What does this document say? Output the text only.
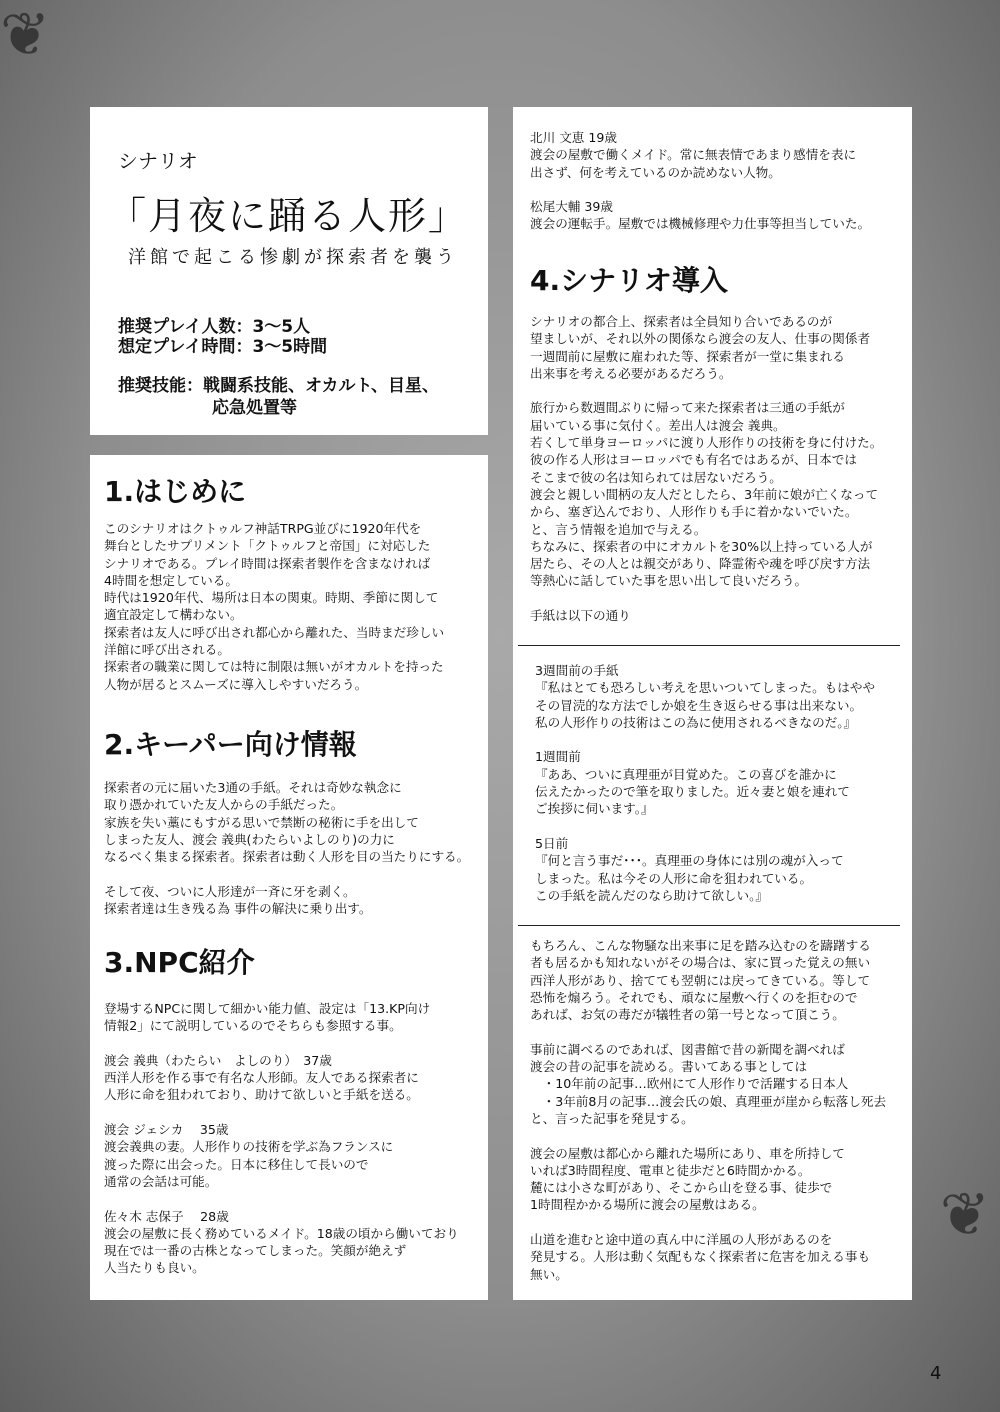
❦
❦
シナリオ
「月夜に踊る人形」
洋館で起こる惨劇が探索者を襲う
推奨プレイ人数：3〜5人
想定プレイ時間：3〜5時間
推奨技能：戦闘系技能、オカルト、目星、
応急処置等
1.はじめに

このシナリオはクトゥルフ神話TRPG並びに1920年代を
舞台としたサプリメント「クトゥルフと帝国」に対応した
シナリオである。プレイ時間は探索者製作を含まなければ
4時間を想定している。
時代は1920年代、場所は日本の関東。時期、季節に関して
適宜設定して構わない。
探索者は友人に呼び出され都心から離れた、当時まだ珍しい
洋館に呼び出される。
探索者の職業に関しては特に制限は無いがオカルトを持った
人物が居るとスムーズに導入しやすいだろう。

2.キーパー向け情報

探索者の元に届いた3通の手紙。それは奇妙な執念に
取り憑かれていた友人からの手紙だった。
家族を失い藁にもすがる思いで禁断の秘術に手を出して
しまった友人、渡会 義典(わたらいよしのり)の力に
なるべく集まる探索者。探索者は動く人形を目の当たりにする。

そして夜、ついに人形達が一斉に牙を剥く。
探索者達は生き残る為 事件の解決に乗り出す。

3.NPC紹介

登場するNPCに関して細かい能力値、設定は「13.KP向け
情報2」にて説明しているのでそちらも参照する事。

渡会 義典（わたらい　よしのり）　37歳
西洋人形を作る事で有名な人形師。友人である探索者に
人形に命を狙われており、助けて欲しいと手紙を送る。

渡会 ジェシカ　 35歳
渡会義典の妻。人形作りの技術を学ぶ為フランスに
渡った際に出会った。日本に移住して長いので
通常の会話は可能。

佐々木 志保子　 28歳
渡会の屋敷に長く務めているメイド。18歳の頃から働いており
現在では一番の古株となってしまった。笑顔が絶えず
人当たりも良い。

北川 文恵 19歳
渡会の屋敷で働くメイド。常に無表情であまり感情を表に
出さず、何を考えているのか読めない人物。

松尾大輔 39歳
渡会の運転手。屋敷では機械修理や力仕事等担当していた。

4.シナリオ導入

シナリオの都合上、探索者は全員知り合いであるのが
望ましいが、それ以外の関係なら渡会の友人、仕事の関係者
一週間前に屋敷に雇われた等、探索者が一堂に集まれる
出来事を考える必要があるだろう。

旅行から数週間ぶりに帰って来た探索者は三通の手紙が
届いている事に気付く。差出人は渡会 義典。
若くして単身ヨーロッパに渡り人形作りの技術を身に付けた。
彼の作る人形はヨーロッパでも有名ではあるが、日本では
そこまで彼の名は知られては居ないだろう。
渡会と親しい間柄の友人だとしたら、3年前に娘が亡くなって
から、塞ぎ込んでおり、人形作りも手に着かないでいた。
と、言う情報を追加で与える。
ちなみに、探索者の中にオカルトを30%以上持っている人が
居たら、その人とは親交があり、降霊術や魂を呼び戻す方法
等熱心に話していた事を思い出して良いだろう。

手紙は以下の通り

3週間前の手紙
『私はとても恐ろしい考えを思いついてしまった。もはやや
その冒涜的な方法でしか娘を生き返らせる事は出来ない。
私の人形作りの技術はこの為に使用されるべきなのだ。』

1週間前
『ああ、ついに真理亜が目覚めた。この喜びを誰かに
伝えたかったので筆を取りました。近々妻と娘を連れて
ご挨拶に伺います。』

5日前
『何と言う事だ･･･。真理亜の身体には別の魂が入って
しまった。私は今その人形に命を狙われている。
この手紙を読んだのなら助けて欲しい。』

もちろん、こんな物騒な出来事に足を踏み込むのを躊躇する
者も居るかも知れないがその場合は、家に買った覚えの無い
西洋人形があり、捨てても翌朝には戻ってきている。等して
恐怖を煽ろう。それでも、頑なに屋敷へ行くのを拒むので
あれば、お気の毒だが犠牲者の第一号となって頂こう。

事前に調べるのであれば、図書館で昔の新聞を調べれば
渡会の昔の記事を読める。書いてある事としては
　・10年前の記事…欧州にて人形作りで活躍する日本人
　・3年前8月の記事…渡会氏の娘、真理亜が崖から転落し死去
と、言った記事を発見する。

渡会の屋敷は都心から離れた場所にあり、車を所持して
いれば3時間程度、電車と徒歩だと6時間かかる。
麓には小さな町があり、そこから山を登る事、徒歩で
1時間程かかる場所に渡会の屋敷はある。

山道を進むと途中道の真ん中に洋風の人形があるのを
発見する。人形は動く気配もなく探索者に危害を加える事も
無い。

4
